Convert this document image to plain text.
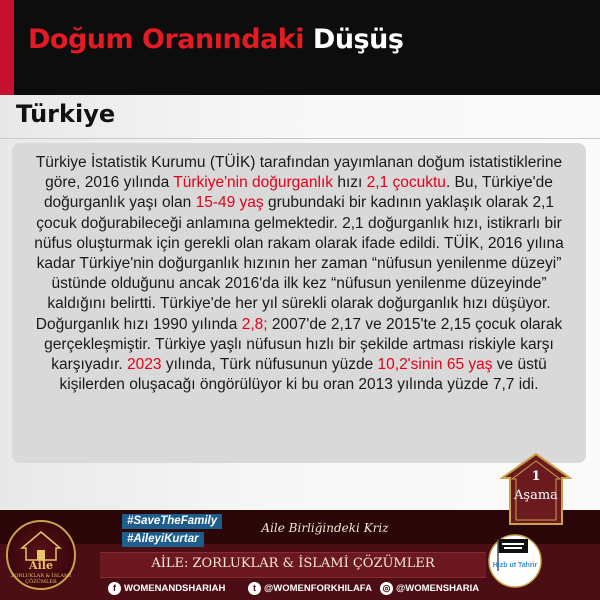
Doğum Oranındaki Düşüş
Türkiye

Türkiye İstatistik Kurumu (TÜİK) tarafından yayımlanan doğum istatistiklerine göre, 2016 yılında Türkiye'nin doğurganlık hızı 2,1 çocuktu. Bu, Türkiye'de doğurganlık yaşı olan 15-49 yaş grubundaki bir kadının yaklaşık olarak 2,1 çocuk doğurabileceği anlamına gelmektedir. 2,1 doğurganlık hızı, istikrarlı bir nüfus oluşturmak için gerekli olan rakam olarak ifade edildi. TÜİK, 2016 yılına kadar Türkiye'nin doğurganlık hızının her zaman “nüfusun yenilenme düzeyi” üstünde olduğunu ancak 2016'da ilk kez “nüfusun yenilenme düzeyinde” kaldığını belirtti. Türkiye'de her yıl sürekli olarak doğurganlık hızı düşüyor. Doğurganlık hızı 1990 yılında 2,8; 2007'de 2,17 ve 2015'te 2,15 çocuk olarak gerçekleşmiştir. Türkiye yaşlı nüfusun hızlı bir şekilde artması riskiyle karşı karşıyadır. 2023 yılında, Türk nüfusunun yüzde 10,2'sinin 65 yaş ve üstü kişilerden oluşacağı öngörülüyor ki bu oran 2013 yılında yüzde 7,7 idi.

1
Aşama
Aile
ZORLUKLAR & İSLAMİ ÇÖZÜMLER
#SaveTheFamily
#AileyiKurtar
Aile Birliğindeki Kriz
AİLE: ZORLUKLAR & İSLAMİ ÇÖZÜMLER
f WOMENANDSHARIAH	t @WOMENFORKHILAFA ◎ @WOMENSHARIA
Hizb ut Tahrir
